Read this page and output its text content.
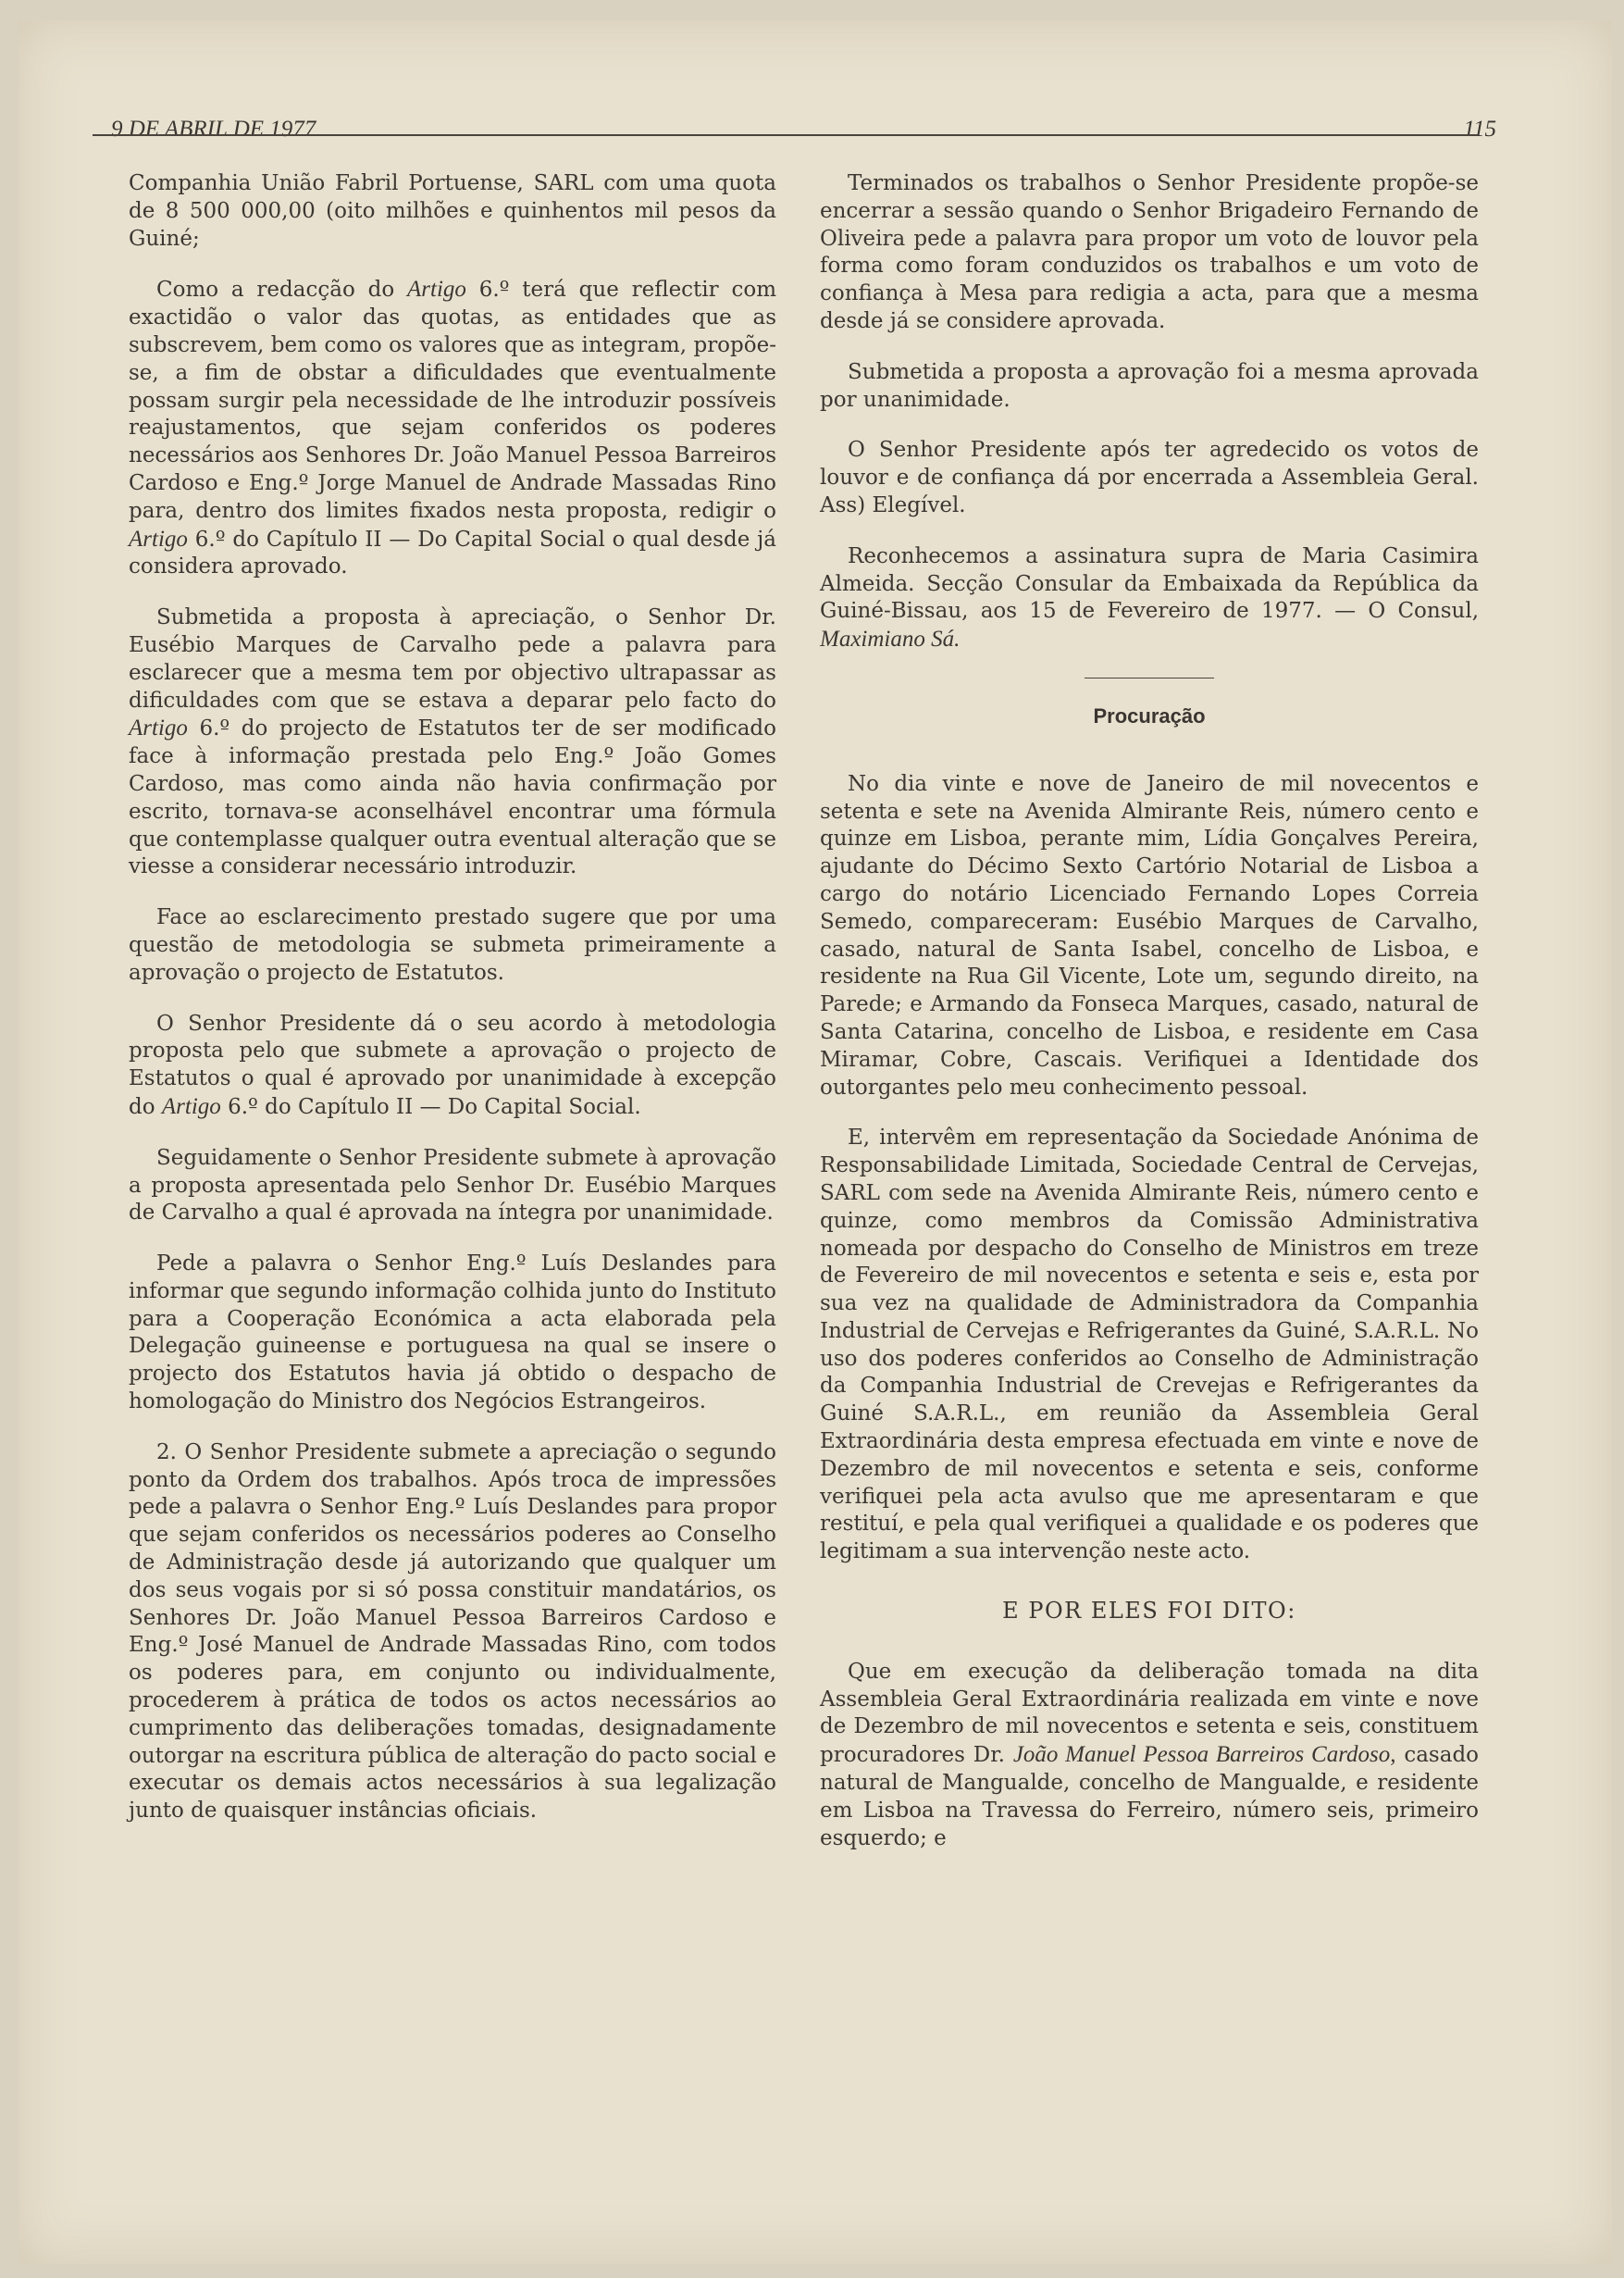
9 DE ABRIL DE 1977	115

Companhia União Fabril Portuense, SARL com uma quota de 8 500 000,00 (oito milhões e quinhentos mil pesos da Guiné;

Como a redacção do Artigo 6.º terá que reflectir com exactidão o valor das quotas, as entidades que as subscrevem, bem como os valores que as integram, propõe-se, a fim de obstar a dificuldades que eventualmente possam surgir pela necessidade de lhe introduzir possíveis reajustamentos, que sejam conferidos os poderes necessários aos Senhores Dr. João Manuel Pessoa Barreiros Cardoso e Eng.º Jorge Manuel de Andrade Massadas Rino para, dentro dos limites fixados nesta proposta, redigir o Artigo 6.º do Capítulo II — Do Capital Social o qual desde já considera aprovado.

Submetida a proposta à apreciação, o Senhor Dr. Eusébio Marques de Carvalho pede a palavra para esclarecer que a mesma tem por objectivo ultrapassar as dificuldades com que se estava a deparar pelo facto do Artigo 6.º do projecto de Estatutos ter de ser modificado face à informação prestada pelo Eng.º João Gomes Cardoso, mas como ainda não havia confirmação por escrito, tornava-se aconselhável encontrar uma fórmula que contemplasse qualquer outra eventual alteração que se viesse a considerar necessário introduzir.

Face ao esclarecimento prestado sugere que por uma questão de metodologia se submeta primeiramente a aprovação o projecto de Estatutos.

O Senhor Presidente dá o seu acordo à metodologia proposta pelo que submete a aprovação o projecto de Estatutos o qual é aprovado por unanimidade à excepção do Artigo 6.º do Capítulo II — Do Capital Social.

Seguidamente o Senhor Presidente submete à aprovação a proposta apresentada pelo Senhor Dr. Eusébio Marques de Carvalho a qual é aprovada na íntegra por unanimidade.

Pede a palavra o Senhor Eng.º Luís Deslandes para informar que segundo informação colhida junto do Instituto para a Cooperação Económica a acta elaborada pela Delegação guineense e portuguesa na qual se insere o projecto dos Estatutos havia já obtido o despacho de homologação do Ministro dos Negócios Estrangeiros.

2. O Senhor Presidente submete a apreciação o segundo ponto da Ordem dos trabalhos. Após troca de impressões pede a palavra o Senhor Eng.º Luís Deslandes para propor que sejam conferidos os necessários poderes ao Conselho de Administração desde já autorizando que qualquer um dos seus vogais por si só possa constituir mandatários, os Senhores Dr. João Manuel Pessoa Barreiros Cardoso e Eng.º José Manuel de Andrade Massadas Rino, com todos os poderes para, em conjunto ou individualmente, procederem à prática de todos os actos necessários ao cumprimento das deliberações tomadas, designadamente outorgar na escritura pública de alteração do pacto social e executar os demais actos necessários à sua legalização junto de quaisquer instâncias oficiais.

Terminados os trabalhos o Senhor Presidente propõe-se encerrar a sessão quando o Senhor Brigadeiro Fernando de Oliveira pede a palavra para propor um voto de louvor pela forma como foram conduzidos os trabalhos e um voto de confiança à Mesa para redigia a acta, para que a mesma desde já se considere aprovada.

Submetida a proposta a aprovação foi a mesma aprovada por unanimidade.

O Senhor Presidente após ter agredecido os votos de louvor e de confiança dá por encerrada a Assembleia Geral. Ass) Elegível.

Reconhecemos a assinatura supra de Maria Casimira Almeida. Secção Consular da Embaixada da República da Guiné-Bissau, aos 15 de Fevereiro de 1977. — O Consul, Maximiano Sá.

Procuração

No dia vinte e nove de Janeiro de mil novecentos e setenta e sete na Avenida Almirante Reis, número cento e quinze em Lisboa, perante mim, Lídia Gonçalves Pereira, ajudante do Décimo Sexto Cartório Notarial de Lisboa a cargo do notário Licenciado Fernando Lopes Correia Semedo, compareceram: Eusébio Marques de Carvalho, casado, natural de Santa Isabel, concelho de Lisboa, e residente na Rua Gil Vicente, Lote um, segundo direito, na Parede; e Armando da Fonseca Marques, casado, natural de Santa Catarina, concelho de Lisboa, e residente em Casa Miramar, Cobre, Cascais. Verifiquei a Identidade dos outorgantes pelo meu conhecimento pessoal.

E, intervêm em representação da Sociedade Anónima de Responsabilidade Limitada, Sociedade Central de Cervejas, SARL com sede na Avenida Almirante Reis, número cento e quinze, como membros da Comissão Administrativa nomeada por despacho do Conselho de Ministros em treze de Fevereiro de mil novecentos e setenta e seis e, esta por sua vez na qualidade de Administradora da Companhia Industrial de Cervejas e Refrigerantes da Guiné, S.A.R.L. No uso dos poderes conferidos ao Conselho de Administração da Companhia Industrial de Crevejas e Refrigerantes da Guiné S.A.R.L., em reunião da Assembleia Geral Extraordinária desta empresa efectuada em vinte e nove de Dezembro de mil novecentos e setenta e seis, conforme verifiquei pela acta avulso que me apresentaram e que restituí, e pela qual verifiquei a qualidade e os poderes que legitimam a sua intervenção neste acto.

E POR ELES FOI DITO:

Que em execução da deliberação tomada na dita Assembleia Geral Extraordinária realizada em vinte e nove de Dezembro de mil novecentos e setenta e seis, constituem procuradores Dr. João Manuel Pessoa Barreiros Cardoso, casado natural de Mangualde, concelho de Mangualde, e residente em Lisboa na Travessa do Ferreiro, número seis, primeiro esquerdo; e
